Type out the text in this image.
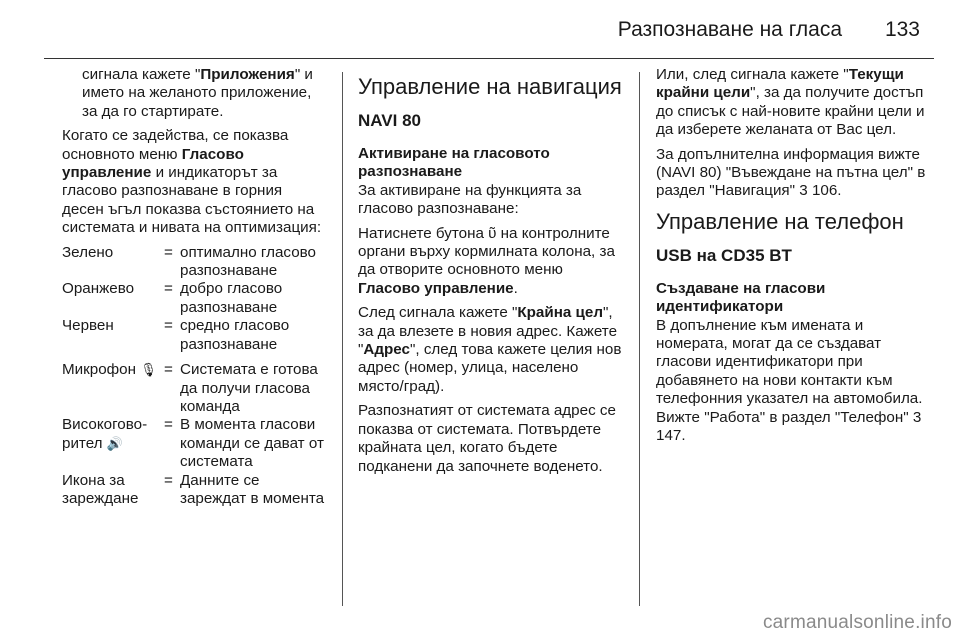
Разпознаване на гласа 133

сигнала кажете "Приложения" и името на желаното приложение, за да го стартирате.

Когато се задейства, се показва основното меню Гласово управление и индикаторът за гласово разпознаване в горния десен ъгъл показва състоянието на системата и нивата на оптимизация:

Зелено	=	оптимално гласово разпознаване
Оранжево	=	добро гласово разпознаване
Червен	=	средно гласово разпознаване
Микрофон 🎙	=	Системата е готова да получи гласова команда
Високогово-рител 🔊	=	В момента гласови команди се дават от системата
Икона за зареждане	=	Данните се зареждат в момента
Управление на навигация
NAVI 80

Активиране на гласовото разпознаване

За активиране на функцията за гласово разпознаване:

Натиснете бутона ῦ на контролните органи върху кормилната колона, за да отворите основното меню Гласово управление.

След сигнала кажете "Крайна цел", за да влезете в новия адрес. Кажете "Адрес", след това кажете целия нов адрес (номер, улица, населено място/град).

Разпознатият от системата адрес се показва от системата. Потвърдете крайната цел, когато бъдете подканени да започнете воденето.

Или, след сигнала кажете "Текущи крайни цели", за да получите достъп до списък с най-новите крайни цели и да изберете желаната от Вас цел.

За допълнителна информация вижте (NAVI 80) "Въвеждане на пътна цел" в раздел "Навигация" 3 106.

Управление на телефон
USB на CD35 BT

Създаване на гласови идентификатори

В допълнение към имената и номерата, могат да се създават гласови идентификатори при добавянето на нови контакти към телефонния указател на автомобила. Вижте "Работа" в раздел "Телефон" 3 147.

carmanualsonline.info
